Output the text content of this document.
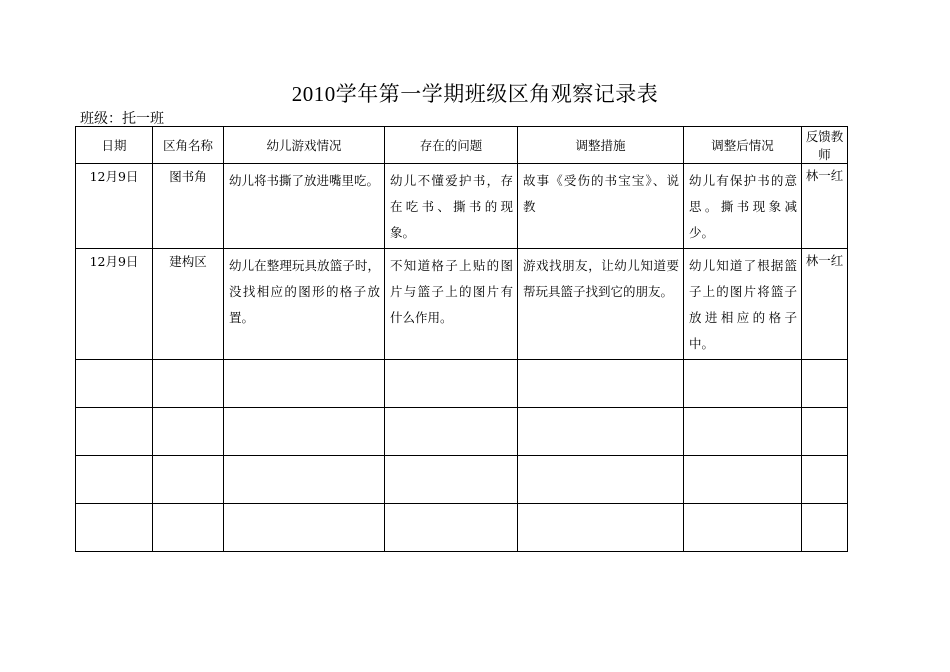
2010学年第一学期班级区角观察记录表
班级：托一班
日期	区角名称	幼儿游戏情况	存在的问题	调整措施	调整后情况	反馈教师

12月9日	图书角	幼儿将书撕了放进嘴里吃。	幼儿不懂爱护书，存在吃书、撕书的现象。	故事《受伤的书宝宝》、说教	幼儿有保护书的意思。撕书现象减少。	林一红

12月9日	建构区	幼儿在整理玩具放篮子时，没找相应的图形的格子放置。	不知道格子上贴的图片与篮子上的图片有什么作用。	游戏找朋友，让幼儿知道要帮玩具篮子找到它的朋友。	幼儿知道了根据篮子上的图片将篮子放进相应的格子中。	林一红
